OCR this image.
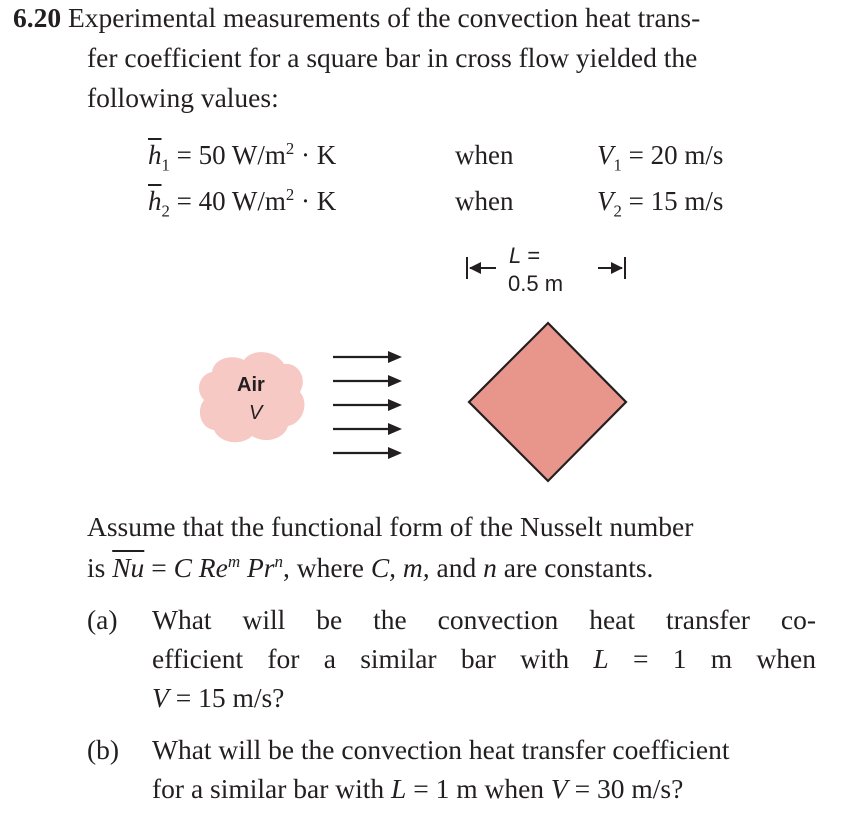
6.20 Experimental measurements of the convection heat trans-
fer coefficient for a square bar in cross flow yielded the
following values:
$\overline{h}_1 = 50$ $W/m^2 \cdot K$	when	$V_1 = 20$ m/s
$\overline{h}_2 = 40$ $W/m^2 \cdot K$	when	$V_2 = 15$ m/s
L =
0.5 m
Air
V
Assume that the functional form of the Nusselt number
is $\overline{Nu} = C$ Re$^m$ Pr$^n$, where C, m, and n are constants.
(a) What will be the convection heat transfer co-
efficient for a similar bar with L = 1 m when
V = 15 m/s?
(b) What will be the convection heat transfer coefficient
for a similar bar with L = 1 m when V = 30 m/s?
